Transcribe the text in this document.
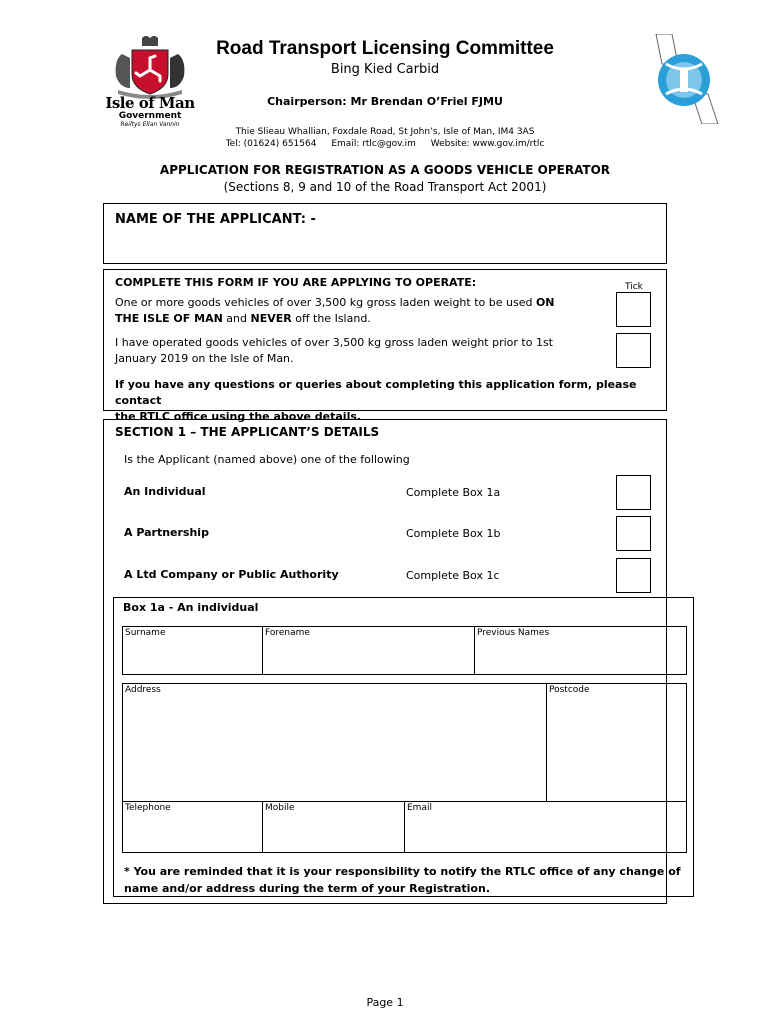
Isle of Man
Government
Reiltys Ellan Vannin
Road Transport Licensing Committee
Bing Kied Carbid
Chairperson: Mr Brendan O’Friel FJMU
Thie Slieau Whallian, Foxdale Road, St John’s, Isle of Man, IM4 3AS
Tel: (01624) 651564 Email: rtlc@gov.im Website: www.gov.im/rtlc
APPLICATION FOR REGISTRATION AS A GOODS VEHICLE OPERATOR
(Sections 8, 9 and 10 of the Road Transport Act 2001)
NAME OF THE APPLICANT: -
COMPLETE THIS FORM IF YOU ARE APPLYING TO OPERATE:	Tick
One or more goods vehicles of over 3,500 kg gross laden weight to be used ON
THE ISLE OF MAN and NEVER off the Island.
I have operated goods vehicles of over 3,500 kg gross laden weight prior to 1st
January 2019 on the Isle of Man.
If you have any questions or queries about completing this application form, please contact
the RTLC office using the above details.
SECTION 1 – THE APPLICANT’S DETAILS
Is the Applicant (named above) one of the following
An Individual	Complete Box 1a
A Partnership	Complete Box 1b
A Ltd Company or Public Authority	Complete Box 1c
Box 1a - An individual
Surname	Forename	Previous Names
Address	Postcode
Telephone	Mobile	Email
* You are reminded that it is your responsibility to notify the RTLC office of any change of
name and/or address during the term of your Registration.
Page 1
